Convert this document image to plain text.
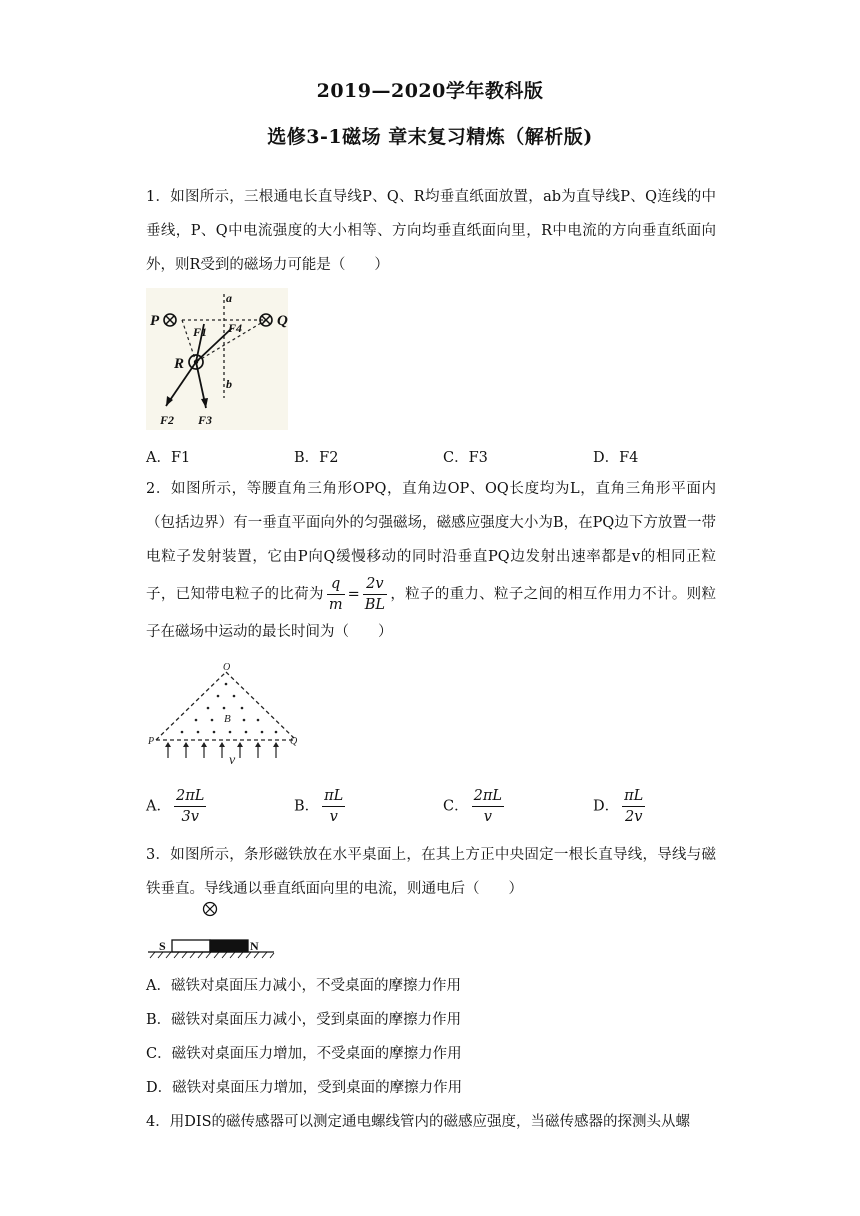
2019—2020学年教科版
选修3-1磁场 章末复习精炼（解析版)
1．如图所示，三根通电长直导线P、Q、R均垂直纸面放置，ab为直导线P、Q连线的中垂线，P、Q中电流强度的大小相等、方向均垂直纸面向里，R中电流的方向垂直纸面向外，则R受到的磁场力可能是（　　）
P	Q
R
a
b
F1 F4
F2 F3
A．F1	B．F2	C．F3	D．F4
2．如图所示，等腰直角三角形OPQ，直角边OP、OQ长度均为L，直角三角形平面内（包括边界）有一垂直平面向外的匀强磁场，磁感应强度大小为B，在PQ边下方放置一带电粒子发射装置，它由P向Q缓慢移动的同时沿垂直PQ边发射出速率都是v的相同正粒子，已知带电粒子的比荷为 $\frac{q}{m} = \frac{2v}{BL}$ ，粒子的重力、粒子之间的相互作用力不计。则粒子在磁场中运动的最长时间为（　　）
O
B
P	Q
v
A． $\frac{2\pi L}{3v}$	B． $\frac{\pi L}{v}$	C． $\frac{2\pi L}{v}$	D． $\frac{\pi L}{2v}$
3．如图所示，条形磁铁放在水平桌面上，在其上方正中央固定一根长直导线，导线与磁铁垂直。导线通以垂直纸面向里的电流，则通电后（　　）
S	N
A．磁铁对桌面压力减小，不受桌面的摩擦力作用
B．磁铁对桌面压力减小，受到桌面的摩擦力作用
C．磁铁对桌面压力增加，不受桌面的摩擦力作用
D．磁铁对桌面压力增加，受到桌面的摩擦力作用
4．用DIS的磁传感器可以测定通电螺线管内的磁感应强度，当磁传感器的探测头从螺
